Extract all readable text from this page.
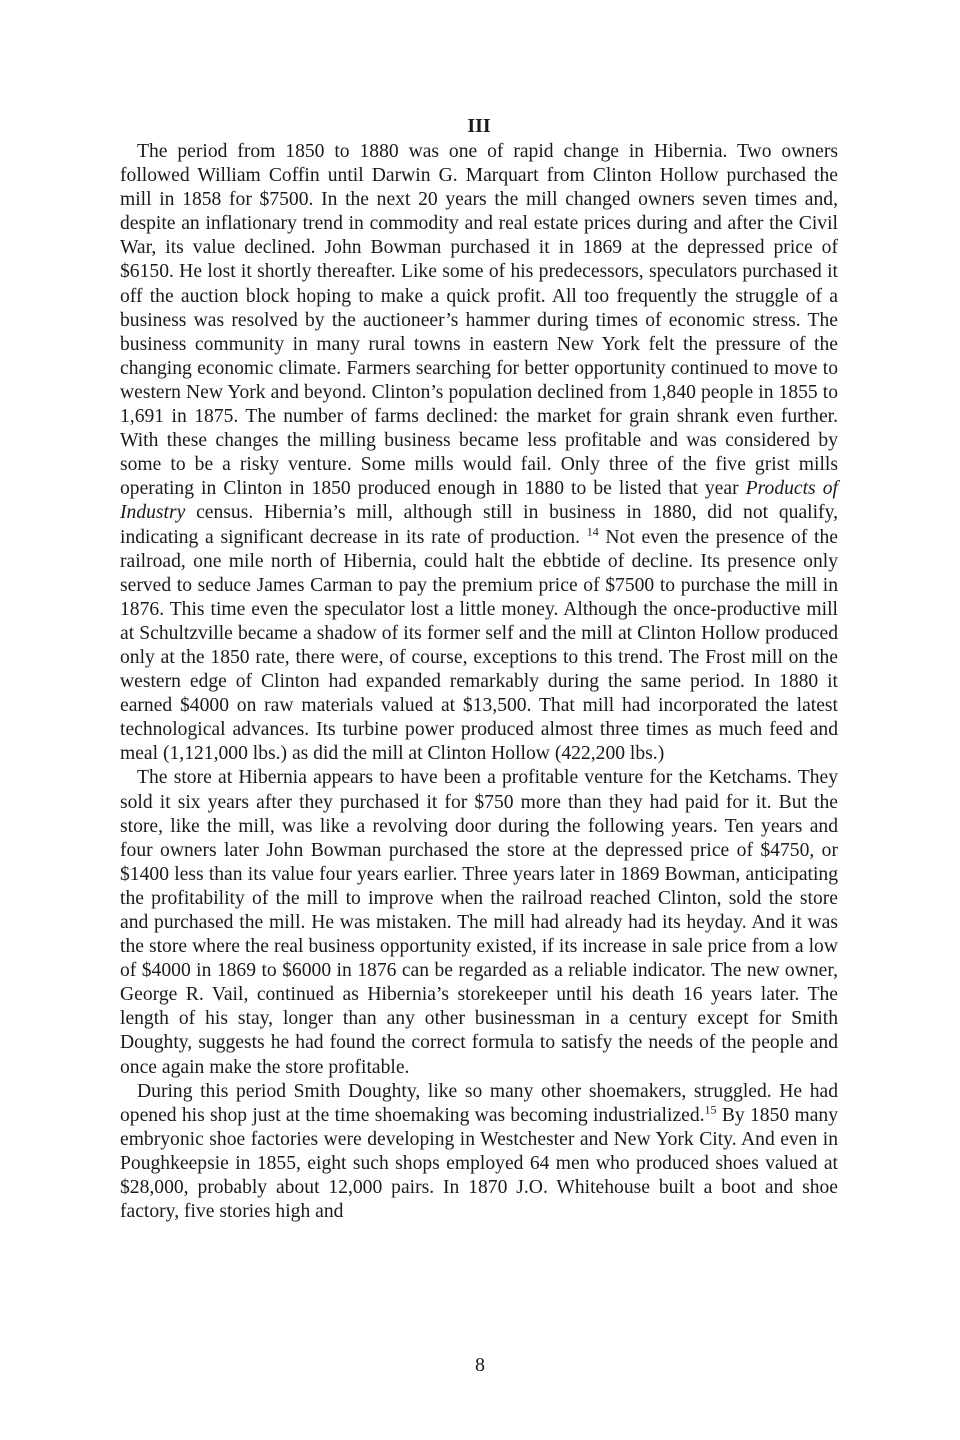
III

The period from 1850 to 1880 was one of rapid change in Hibernia. Two owners followed William Coffin until Darwin G. Marquart from Clinton Hollow purchased the mill in 1858 for $7500. In the next 20 years the mill changed owners seven times and, despite an inflationary trend in commodity and real estate prices during and after the Civil War, its value declined. John Bowman purchased it in 1869 at the depressed price of $6150. He lost it shortly thereafter. Like some of his predecessors, speculators purchased it off the auction block hoping to make a quick profit. All too frequently the struggle of a business was resolved by the auctioneer’s hammer during times of economic stress. The business community in many rural towns in eastern New York felt the pressure of the changing economic climate. Farmers searching for better opportunity continued to move to western New York and beyond. Clinton’s population declined from 1,840 people in 1855 to 1,691 in 1875. The number of farms declined: the market for grain shrank even further. With these changes the milling business became less profitable and was considered by some to be a risky venture. Some mills would fail. Only three of the five grist mills operating in Clinton in 1850 produced enough in 1880 to be listed that year Products of Industry census. Hibernia’s mill, although still in business in 1880, did not qualify, indicating a significant decrease in its rate of production. $^{14}$ Not even the presence of the railroad, one mile north of Hibernia, could halt the ebbtide of decline. Its presence only served to seduce James Carman to pay the premium price of $7500 to purchase the mill in 1876. This time even the speculator lost a little money. Although the once-productive mill at Schultzville became a shadow of its former self and the mill at Clinton Hollow produced only at the 1850 rate, there were, of course, exceptions to this trend. The Frost mill on the western edge of Clinton had expanded remarkably during the same period. In 1880 it earned $4000 on raw materials valued at $13,500. That mill had incorporated the latest technological advances. Its turbine power produced almost three times as much feed and meal (1,121,000 lbs.) as did the mill at Clinton Hollow (422,200 lbs.)

The store at Hibernia appears to have been a profitable venture for the Ketchams. They sold it six years after they purchased it for $750 more than they had paid for it. But the store, like the mill, was like a revolving door during the following years. Ten years and four owners later John Bowman purchased the store at the depressed price of $4750, or $1400 less than its value four years earlier. Three years later in 1869 Bowman, anticipating the profitability of the mill to improve when the railroad reached Clinton, sold the store and purchased the mill. He was mistaken. The mill had already had its heyday. And it was the store where the real business opportunity existed, if its increase in sale price from a low of $4000 in 1869 to $6000 in 1876 can be regarded as a reliable indicator. The new owner, George R. Vail, continued as Hibernia’s storekeeper until his death 16 years later. The length of his stay, longer than any other businessman in a century except for Smith Doughty, suggests he had found the correct formula to satisfy the needs of the people and once again make the store profitable.

During this period Smith Doughty, like so many other shoemakers, struggled. He had opened his shop just at the time shoemaking was becoming industrialized.$^{15}$ By 1850 many embryonic shoe factories were developing in Westchester and New York City. And even in Poughkeepsie in 1855, eight such shops employed 64 men who produced shoes valued at $28,000, probably about 12,000 pairs. In 1870 J.O. Whitehouse built a boot and shoe factory, five stories high and

8
